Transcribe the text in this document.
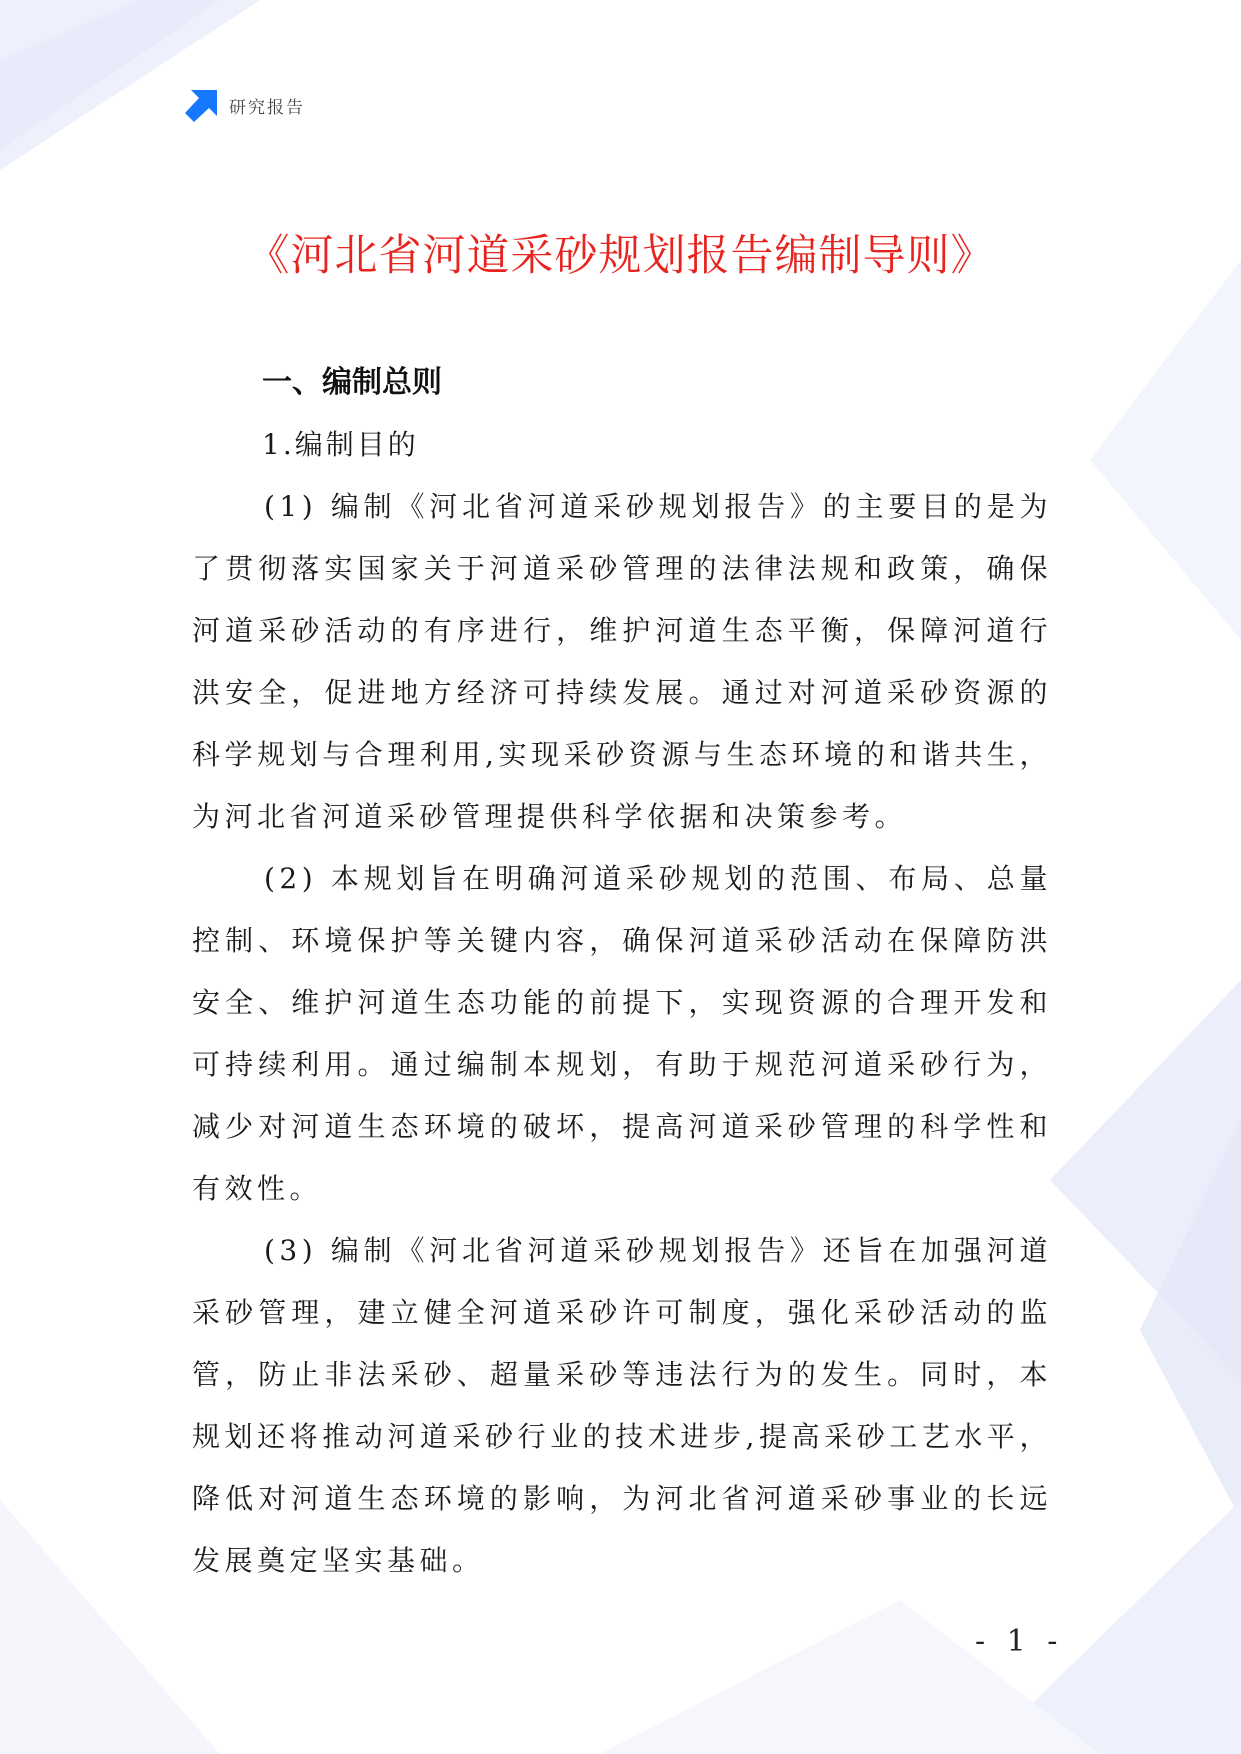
研究报告
《河北省河道采砂规划报告编制导则》
一、编制总则
1.编制目的

(1) 编制《河北省河道采砂规划报告》的主要目的是为了贯彻落实国家关于河道采砂管理的法律法规和政策，确保河道采砂活动的有序进行，维护河道生态平衡，保障河道行洪安全，促进地方经济可持续发展。通过对河道采砂资源的科学规划与合理利用,实现采砂资源与生态环境的和谐共生，为河北省河道采砂管理提供科学依据和决策参考。

(2) 本规划旨在明确河道采砂规划的范围、布局、总量控制、环境保护等关键内容，确保河道采砂活动在保障防洪安全、维护河道生态功能的前提下，实现资源的合理开发和可持续利用。通过编制本规划，有助于规范河道采砂行为，减少对河道生态环境的破坏，提高河道采砂管理的科学性和有效性。

(3) 编制《河北省河道采砂规划报告》还旨在加强河道采砂管理，建立健全河道采砂许可制度，强化采砂活动的监管，防止非法采砂、超量采砂等违法行为的发生。同时，本规划还将推动河道采砂行业的技术进步,提高采砂工艺水平，降低对河道生态环境的影响，为河北省河道采砂事业的长远发展奠定坚实基础。

- 1 -
